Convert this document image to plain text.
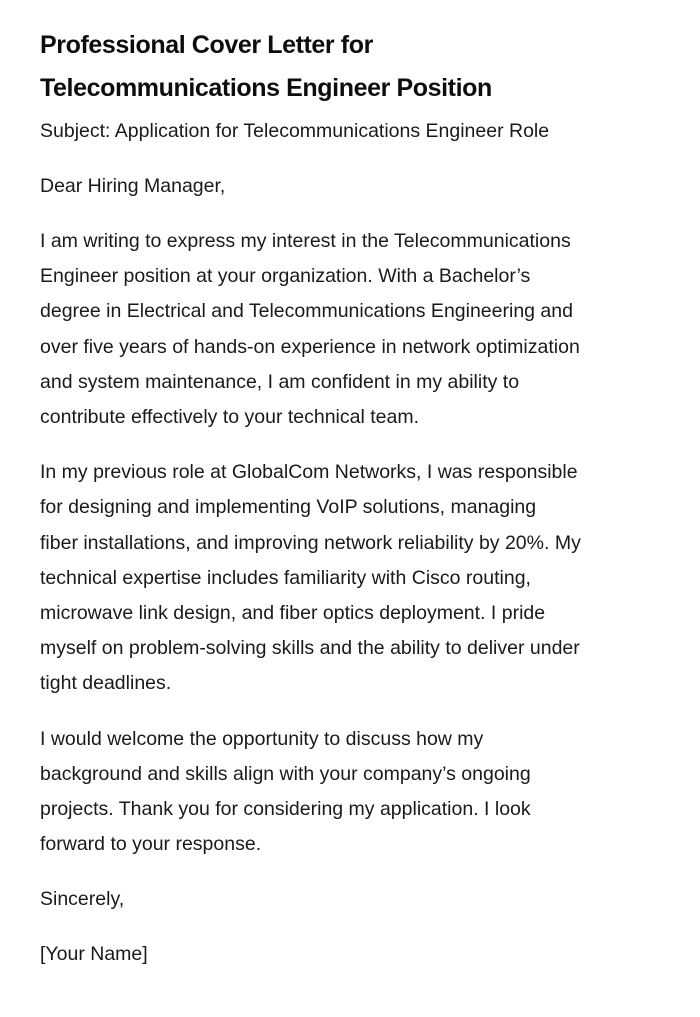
Professional Cover Letter for
Telecommunications Engineer Position

Subject: Application for Telecommunications Engineer Role

Dear Hiring Manager,

I am writing to express my interest in the Telecommunications
Engineer position at your organization. With a Bachelor’s
degree in Electrical and Telecommunications Engineering and
over five years of hands-on experience in network optimization
and system maintenance, I am confident in my ability to
contribute effectively to your technical team.

In my previous role at GlobalCom Networks, I was responsible
for designing and implementing VoIP solutions, managing
fiber installations, and improving network reliability by 20%. My
technical expertise includes familiarity with Cisco routing,
microwave link design, and fiber optics deployment. I pride
myself on problem-solving skills and the ability to deliver under
tight deadlines.

I would welcome the opportunity to discuss how my
background and skills align with your company’s ongoing
projects. Thank you for considering my application. I look
forward to your response.

Sincerely,

[Your Name]
